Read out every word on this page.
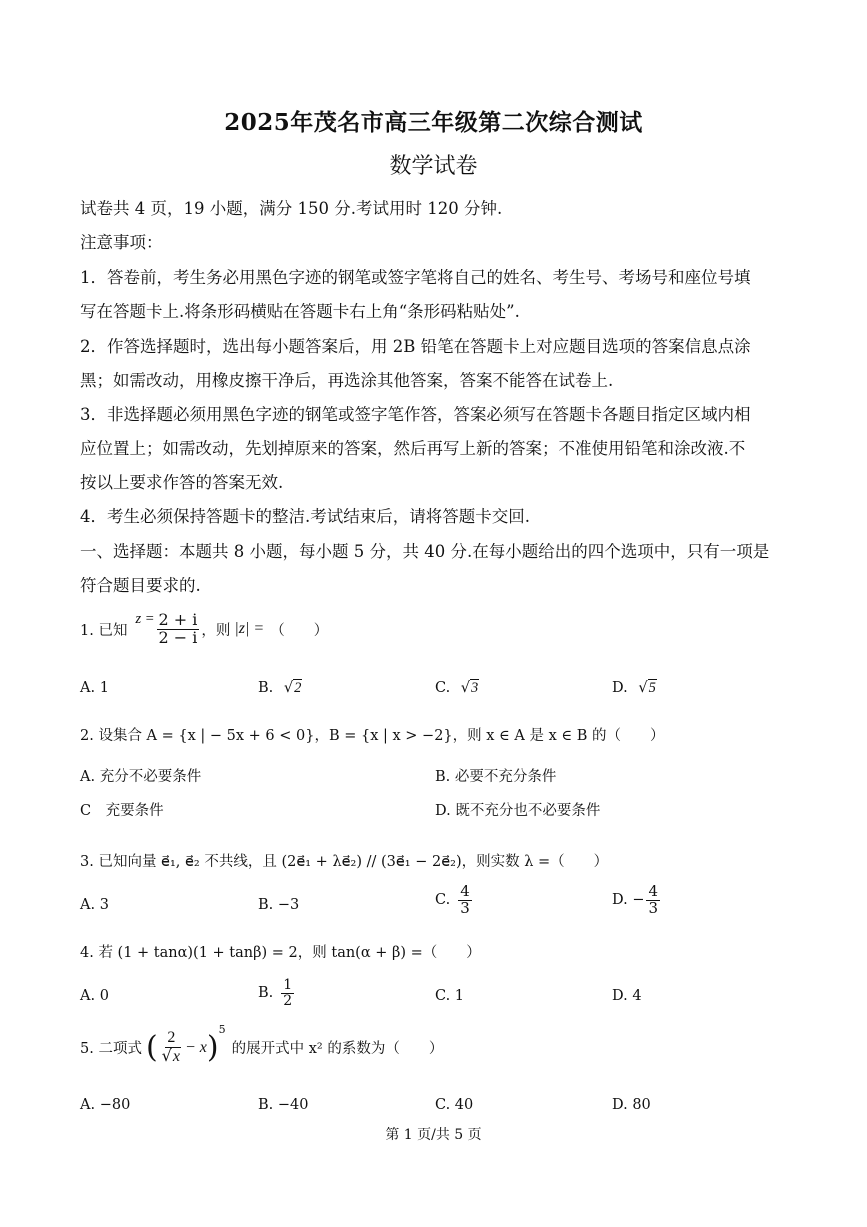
2025年茂名市高三年级第二次综合测试
数学试卷
试卷共 4 页，19 小题，满分 150 分.考试用时 120 分钟.
注意事项：
1．答卷前，考生务必用黑色字迹的钢笔或签字笔将自己的姓名、考生号、考场号和座位号填
写在答题卡上.将条形码横贴在答题卡右上角“条形码粘贴处”.
2．作答选择题时，选出每小题答案后，用 2B 铅笔在答题卡上对应题目选项的答案信息点涂
黑；如需改动，用橡皮擦干净后，再选涂其他答案，答案不能答在试卷上.
3．非选择题必须用黑色字迹的钢笔或签字笔作答，答案必须写在答题卡各题目指定区域内相
应位置上；如需改动，先划掉原来的答案，然后再写上新的答案；不准使用铅笔和涂改液.不
按以上要求作答的答案无效.
4．考生必须保持答题卡的整洁.考试结束后，请将答题卡交回.
一、选择题：本题共 8 小题，每小题 5 分，共 40 分.在每小题给出的四个选项中，只有一项是
符合题目要求的.
1. 已知
$z = \frac{2 + i}{2 - i}$ ，则 |z| = （　　）
A. 1	B. √2	C. √3	D. √5
2. 设集合 A = {x | − 5x + 6 < 0}，B = {x | x > −2}，则 x ∈ A 是 x ∈ B 的（　　）
A. 充分不必要条件	B. 必要不充分条件
C　充要条件	D. 既不充分也不必要条件
3. 已知向量 e⃗₁, e⃗₂ 不共线，且 (2e⃗₁ + λe⃗₂) // (3e⃗₁ − 2e⃗₂)，则实数 λ =（　　）
A. 3	B. −3	C. $\frac{4}{3}$	D. − $\frac{4}{3}$
4. 若 (1 + tanα)(1 + tanβ) = 2，则 tan(α + β) =（　　）
A. 0	B. $\frac{1}{2}$	C. 1	D. 4
5. 二项式 ( $\frac{2}{√x} - x$ )
5
的展开式中 x² 的系数为（　　）
A. −80	B. −40	C. 40	D. 80
第 1 页/共 5 页
